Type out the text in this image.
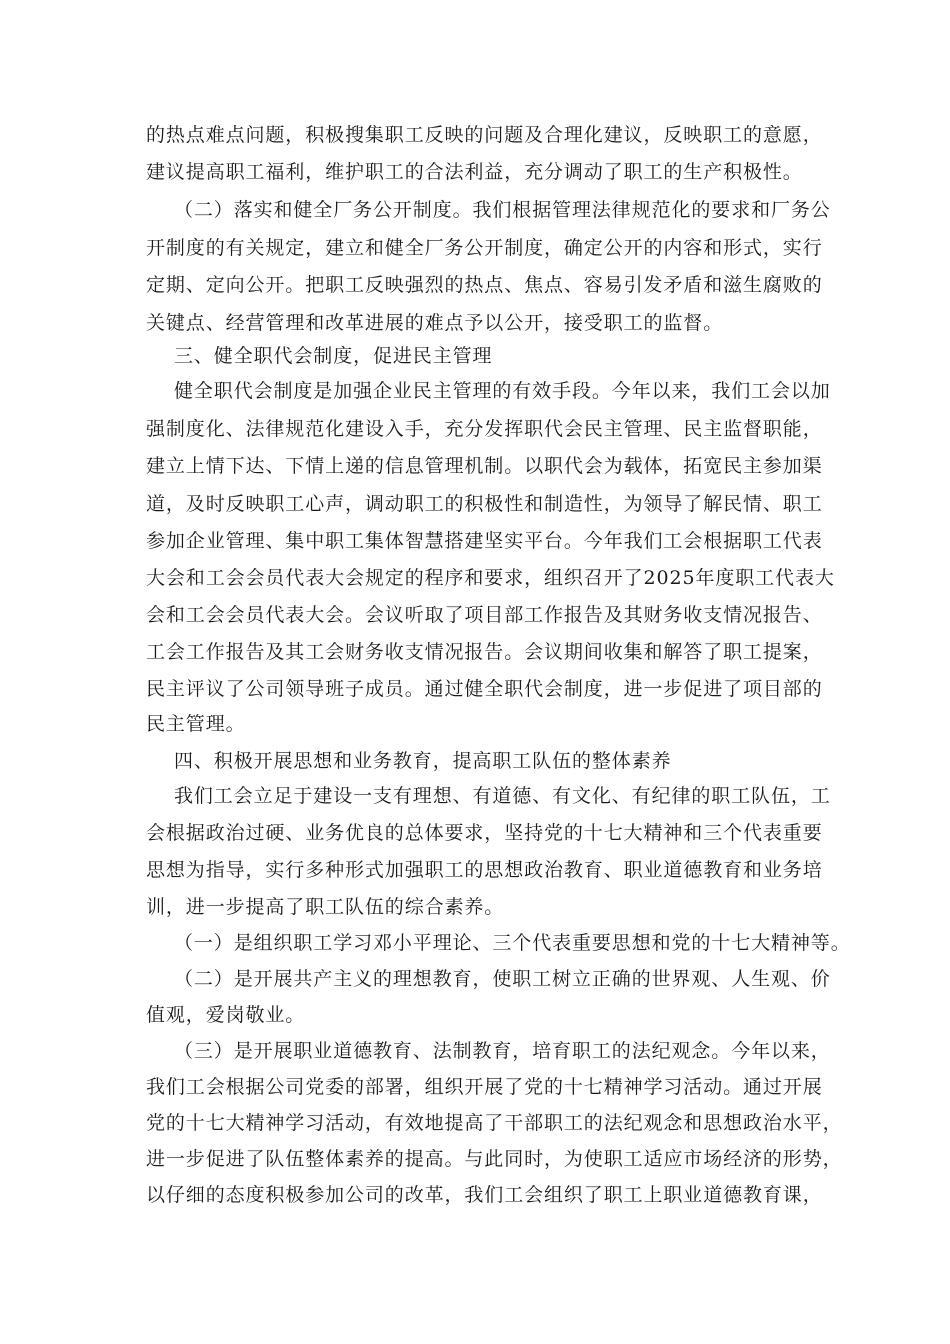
的热点难点问题，积极搜集职工反映的问题及合理化建议，反映职工的意愿，
建议提高职工福利，维护职工的合法利益，充分调动了职工的生产积极性。
（二）落实和健全厂务公开制度。我们根据管理法律规范化的要求和厂务公
开制度的有关规定，建立和健全厂务公开制度，确定公开的内容和形式，实行
定期、定向公开。把职工反映强烈的热点、焦点、容易引发矛盾和滋生腐败的
关键点、经营管理和改革进展的难点予以公开，接受职工的监督。
三、健全职代会制度，促进民主管理
健全职代会制度是加强企业民主管理的有效手段。今年以来，我们工会以加
强制度化、法律规范化建设入手，充分发挥职代会民主管理、民主监督职能，
建立上情下达、下情上递的信息管理机制。以职代会为载体，拓宽民主参加渠
道，及时反映职工心声，调动职工的积极性和制造性，为领导了解民情、职工
参加企业管理、集中职工集体智慧搭建坚实平台。今年我们工会根据职工代表
大会和工会会员代表大会规定的程序和要求，组织召开了2025年度职工代表大
会和工会会员代表大会。会议听取了项目部工作报告及其财务收支情况报告、
工会工作报告及其工会财务收支情况报告。会议期间收集和解答了职工提案，
民主评议了公司领导班子成员。通过健全职代会制度，进一步促进了项目部的
民主管理。
四、积极开展思想和业务教育，提高职工队伍的整体素养
我们工会立足于建设一支有理想、有道德、有文化、有纪律的职工队伍，工
会根据政治过硬、业务优良的总体要求，坚持党的十七大精神和三个代表重要
思想为指导，实行多种形式加强职工的思想政治教育、职业道德教育和业务培
训，进一步提高了职工队伍的综合素养。
（一）是组织职工学习邓小平理论、三个代表重要思想和党的十七大精神等。
（二）是开展共产主义的理想教育，使职工树立正确的世界观、人生观、价
值观，爱岗敬业。
（三）是开展职业道德教育、法制教育，培育职工的法纪观念。今年以来，
我们工会根据公司党委的部署，组织开展了党的十七精神学习活动。通过开展
党的十七大精神学习活动，有效地提高了干部职工的法纪观念和思想政治水平，
进一步促进了队伍整体素养的提高。与此同时，为使职工适应市场经济的形势，
以仔细的态度积极参加公司的改革，我们工会组织了职工上职业道德教育课，
